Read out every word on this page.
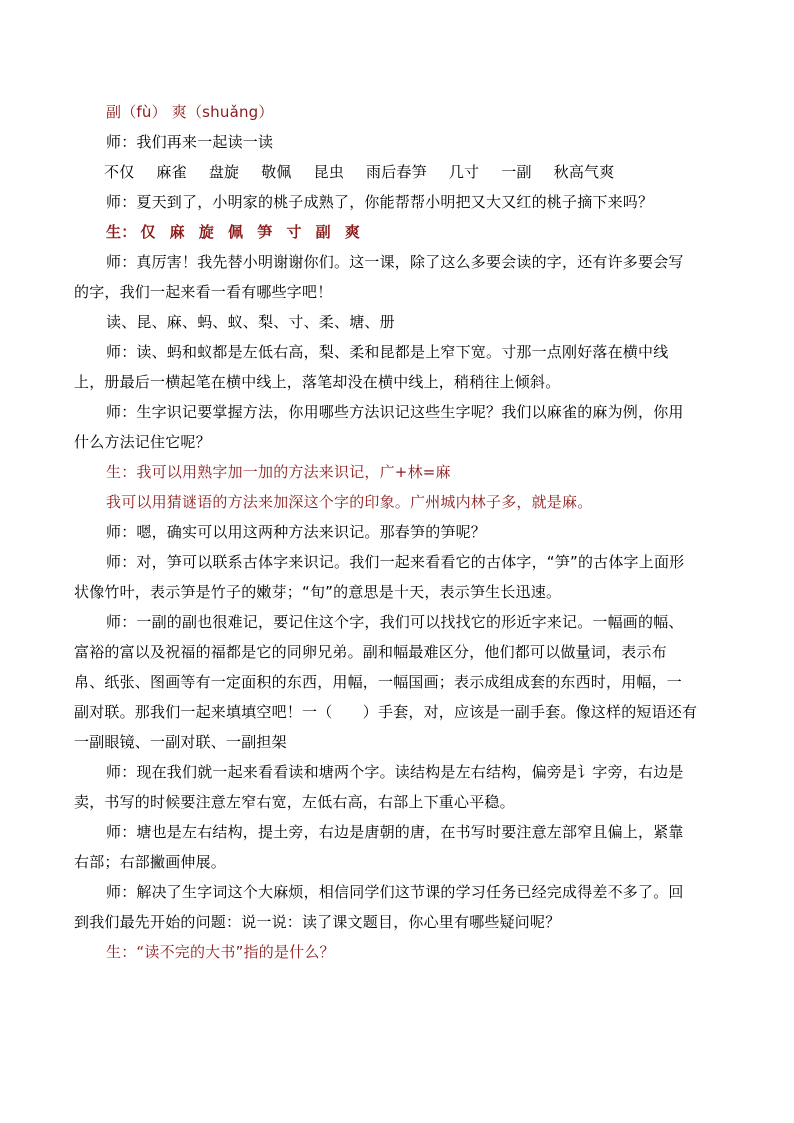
副（fù） 爽（shuǎng）
师：我们再来一起读一读
不仅 麻雀 盘旋 敬佩 昆虫 雨后春笋 几寸 一副 秋高气爽
师：夏天到了，小明家的桃子成熟了，你能帮帮小明把又大又红的桃子摘下来吗？
生： 仅 麻 旋 佩 笋 寸 副 爽
师：真厉害！我先替小明谢谢你们。这一课，除了这么多要会读的字，还有许多要会写
的字，我们一起来看一看有哪些字吧！
读、昆、麻、蚂、蚁、梨、寸、柔、塘、册
师：读、蚂和蚁都是左低右高，梨、柔和昆都是上窄下宽。寸那一点刚好落在横中线
上，册最后一横起笔在横中线上，落笔却没在横中线上，稍稍往上倾斜。
师：生字识记要掌握方法，你用哪些方法识记这些生字呢？我们以麻雀的麻为例，你用
什么方法记住它呢？
生：我可以用熟字加一加的方法来识记，广+林=麻
我可以用猜谜语的方法来加深这个字的印象。广州城内林子多，就是麻。
师：嗯，确实可以用这两种方法来识记。那春笋的笋呢？
师：对，笋可以联系古体字来识记。我们一起来看看它的古体字，“笋”的古体字上面形
状像竹叶，表示笋是竹子的嫩芽；“旬”的意思是十天，表示笋生长迅速。
师：一副的副也很难记，要记住这个字，我们可以找找它的形近字来记。一幅画的幅、
富裕的富以及祝福的福都是它的同卵兄弟。副和幅最难区分，他们都可以做量词，表示布
帛、纸张、图画等有一定面积的东西，用幅，一幅国画；表示成组成套的东西时，用幅，一
副对联。那我们一起来填填空吧！一（　　）手套，对，应该是一副手套。像这样的短语还有
一副眼镜、一副对联、一副担架
师：现在我们就一起来看看读和塘两个字。读结构是左右结构，偏旁是讠字旁，右边是
卖，书写的时候要注意左窄右宽，左低右高，右部上下重心平稳。
师：塘也是左右结构，提土旁，右边是唐朝的唐，在书写时要注意左部窄且偏上，紧靠
右部；右部撇画伸展。
师：解决了生字词这个大麻烦，相信同学们这节课的学习任务已经完成得差不多了。回
到我们最先开始的问题：说一说：读了课文题目，你心里有哪些疑问呢？
生：“读不完的大书”指的是什么？
